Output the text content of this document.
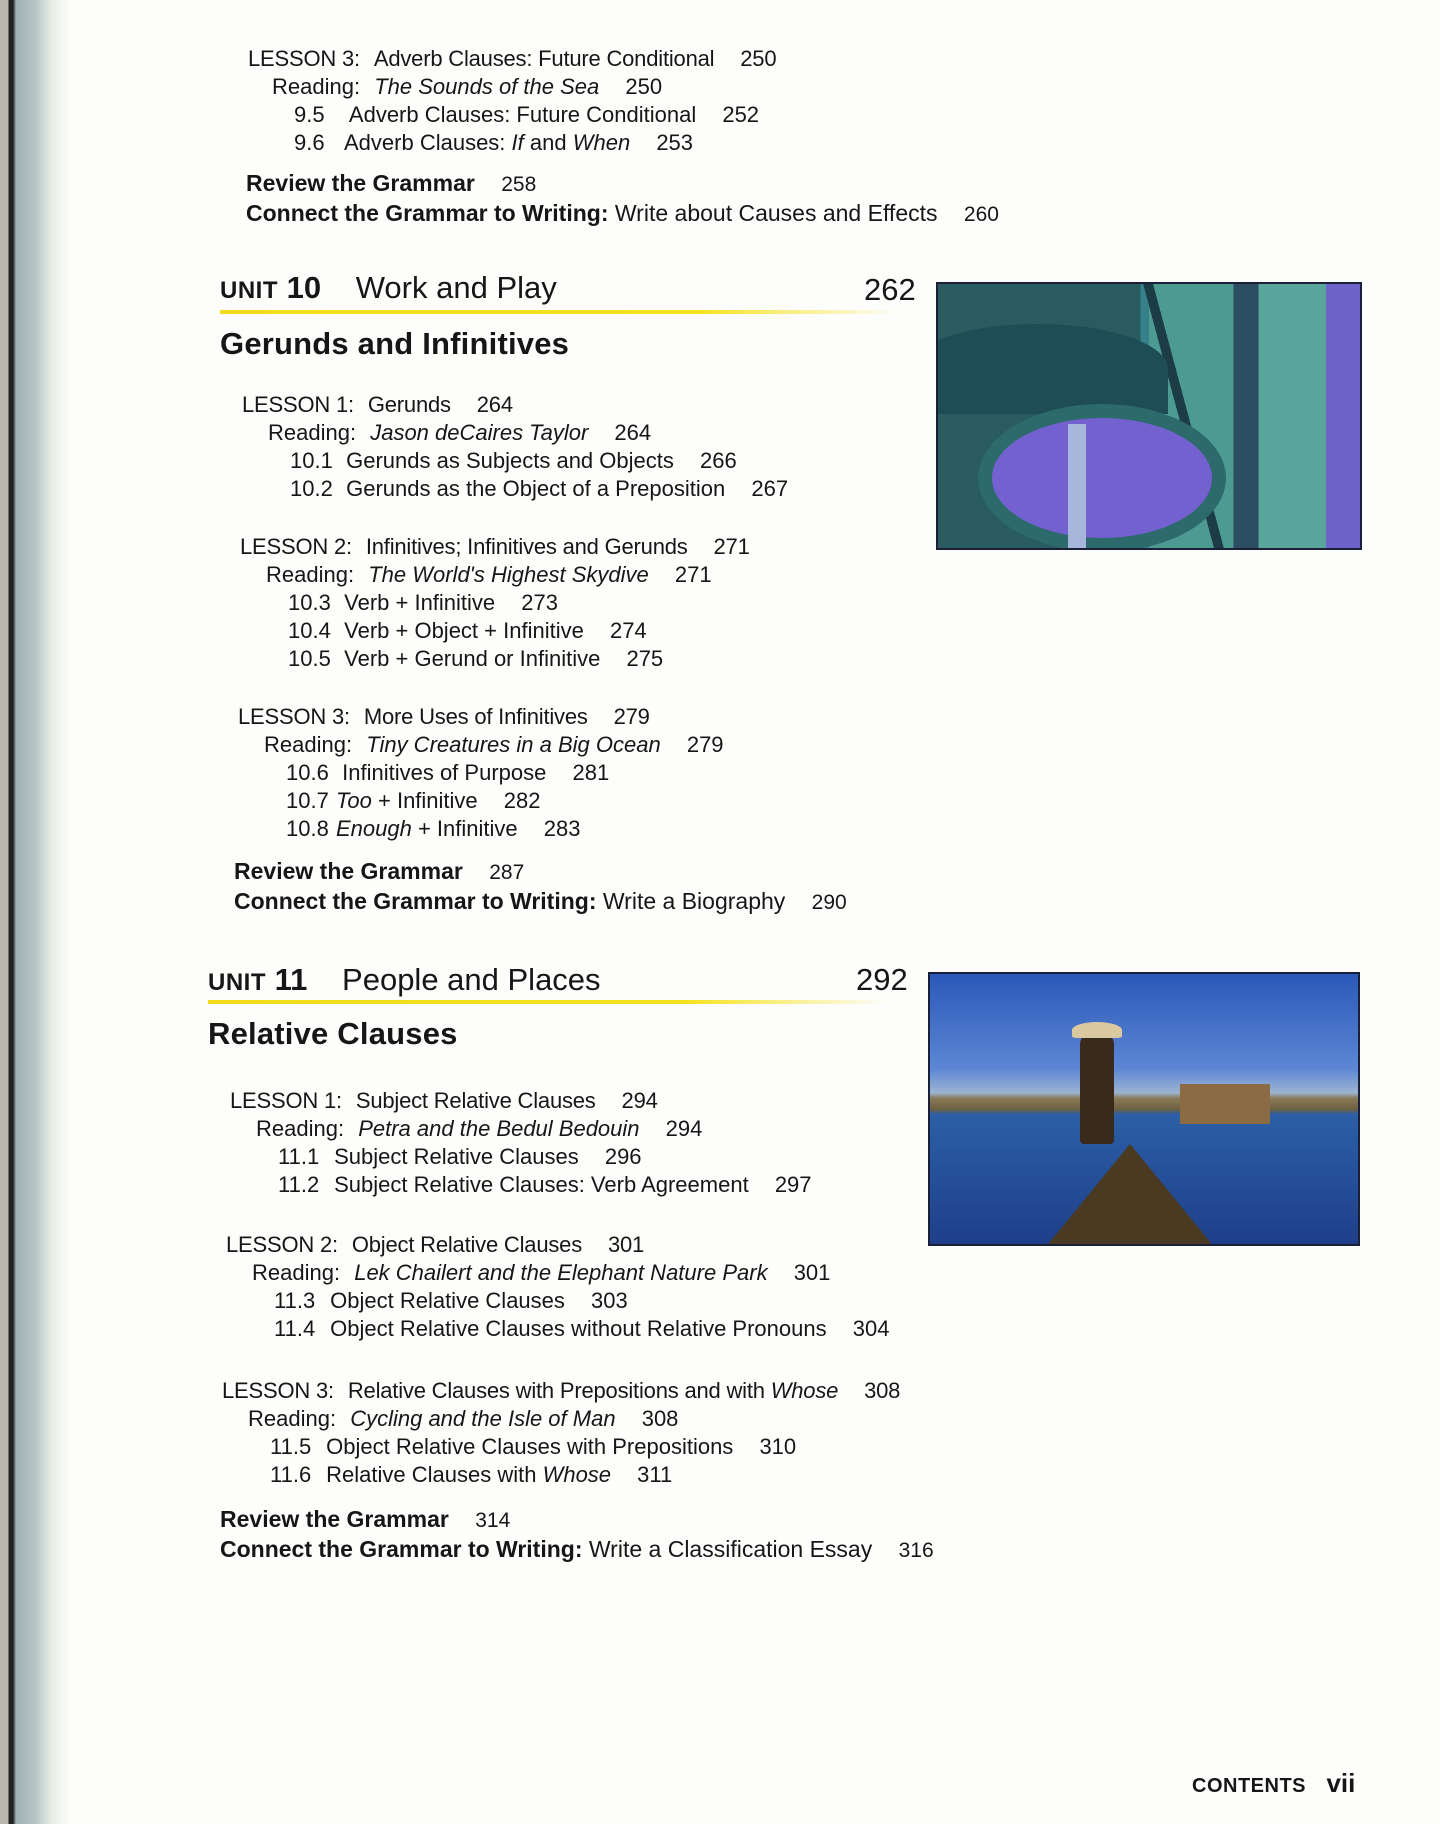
LESSON 3: Adverb Clauses: Future Conditional 250
Reading: The Sounds of the Sea 250
9.5 Adverb Clauses: Future Conditional 252
9.6 Adverb Clauses: If and When 253
Review the Grammar 258
Connect the Grammar to Writing: Write about Causes and Effects 260
UNIT 10 Work and Play	262
Gerunds and Infinitives
LESSON 1: Gerunds 264
Reading: Jason deCaires Taylor 264
10.1 Gerunds as Subjects and Objects 266
10.2 Gerunds as the Object of a Preposition 267
LESSON 2: Infinitives; Infinitives and Gerunds 271
Reading: The World's Highest Skydive 271
10.3 Verb + Infinitive 273
10.4 Verb + Object + Infinitive 274
10.5 Verb + Gerund or Infinitive 275
LESSON 3: More Uses of Infinitives 279
Reading: Tiny Creatures in a Big Ocean 279
10.6 Infinitives of Purpose 281
10.7 Too + Infinitive 282
10.8 Enough + Infinitive 283
Review the Grammar 287
Connect the Grammar to Writing: Write a Biography 290
UNIT 11 People and Places	292
Relative Clauses
LESSON 1: Subject Relative Clauses 294
Reading: Petra and the Bedul Bedouin 294
11.1 Subject Relative Clauses 296
11.2 Subject Relative Clauses: Verb Agreement 297
LESSON 2: Object Relative Clauses 301
Reading: Lek Chailert and the Elephant Nature Park 301
11.3 Object Relative Clauses 303
11.4 Object Relative Clauses without Relative Pronouns 304
LESSON 3: Relative Clauses with Prepositions and with Whose 308
Reading: Cycling and the Isle of Man 308
11.5 Object Relative Clauses with Prepositions 310
11.6 Relative Clauses with Whose 311
Review the Grammar 314
Connect the Grammar to Writing: Write a Classification Essay 316
CONTENTS vii
